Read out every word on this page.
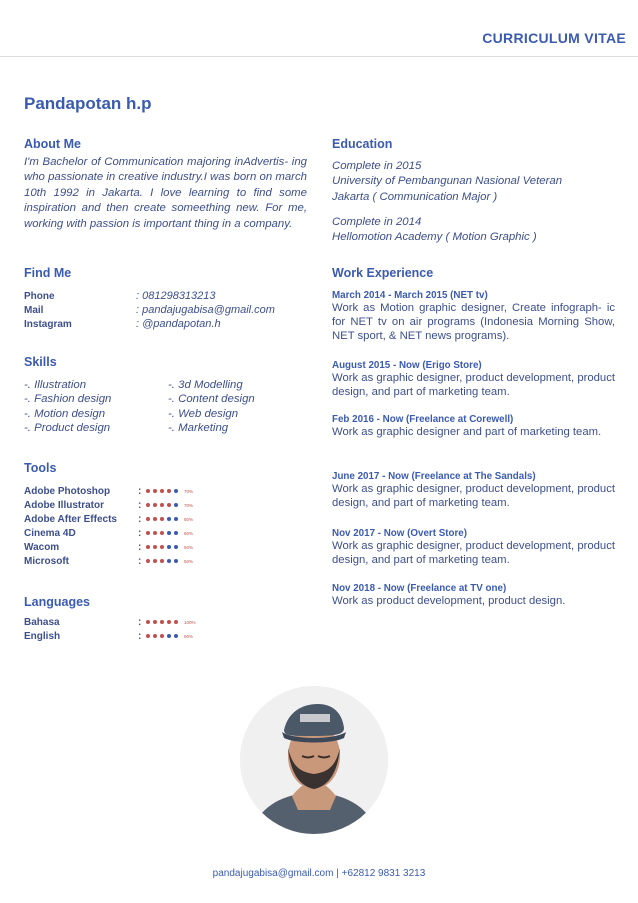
CURRICULUM VITAE
Pandapotan h.p
About Me
I'm Bachelor of Communication majoring inAdvertis- ing who passionate in creative industry.I was born on march 10th 1992 in Jakarta. I love learning to find some inspiration and then create someething new. For me, working with passion is important thing in a company.
Education
Complete in 2015
University of Pembangunan Nasional Veteran
Jakarta ( Communication Major )
Complete in 2014
Hellomotion Academy ( Motion Graphic )
Find Me
Phone	: 081298313213
Mail	: pandajugabisa@gmail.com
Instagram	: @pandapotan.h
Skills
-. Illustration
-. Fashion design
-. Motion design
-. Product design
-. 3d Modelling
-. Content design
-. Web design
-. Marketing
Tools
Adobe Photoshop	:	70%
Adobe Illustrator	:	70%
Adobe After Effects	:	50%
Cinema 4D	:	60%
Wacom	:	50%
Microsoft	:	50%
Languages
Bahasa	:	100%
English	:	50%
Work Experience
March 2014 - March 2015 (NET tv)
Work as Motion graphic designer, Create infograph- ic for NET tv on air programs (Indonesia Morning Show, NET sport, & NET news programs).
August 2015 - Now (Erigo Store)
Work as graphic designer, product development, product design, and part of marketing team.
Feb 2016 - Now (Freelance at Corewell)
Work as graphic designer and part of marketing team.
June 2017 - Now (Freelance at The Sandals)
Work as graphic designer, product development, product design, and part of marketing team.
Nov 2017 - Now (Overt Store)
Work as graphic designer, product development, product design, and part of marketing team.
Nov 2018 - Now (Freelance at TV one)
Work as product development, product design.
pandajugabisa@gmail.com | +62812 9831 3213
